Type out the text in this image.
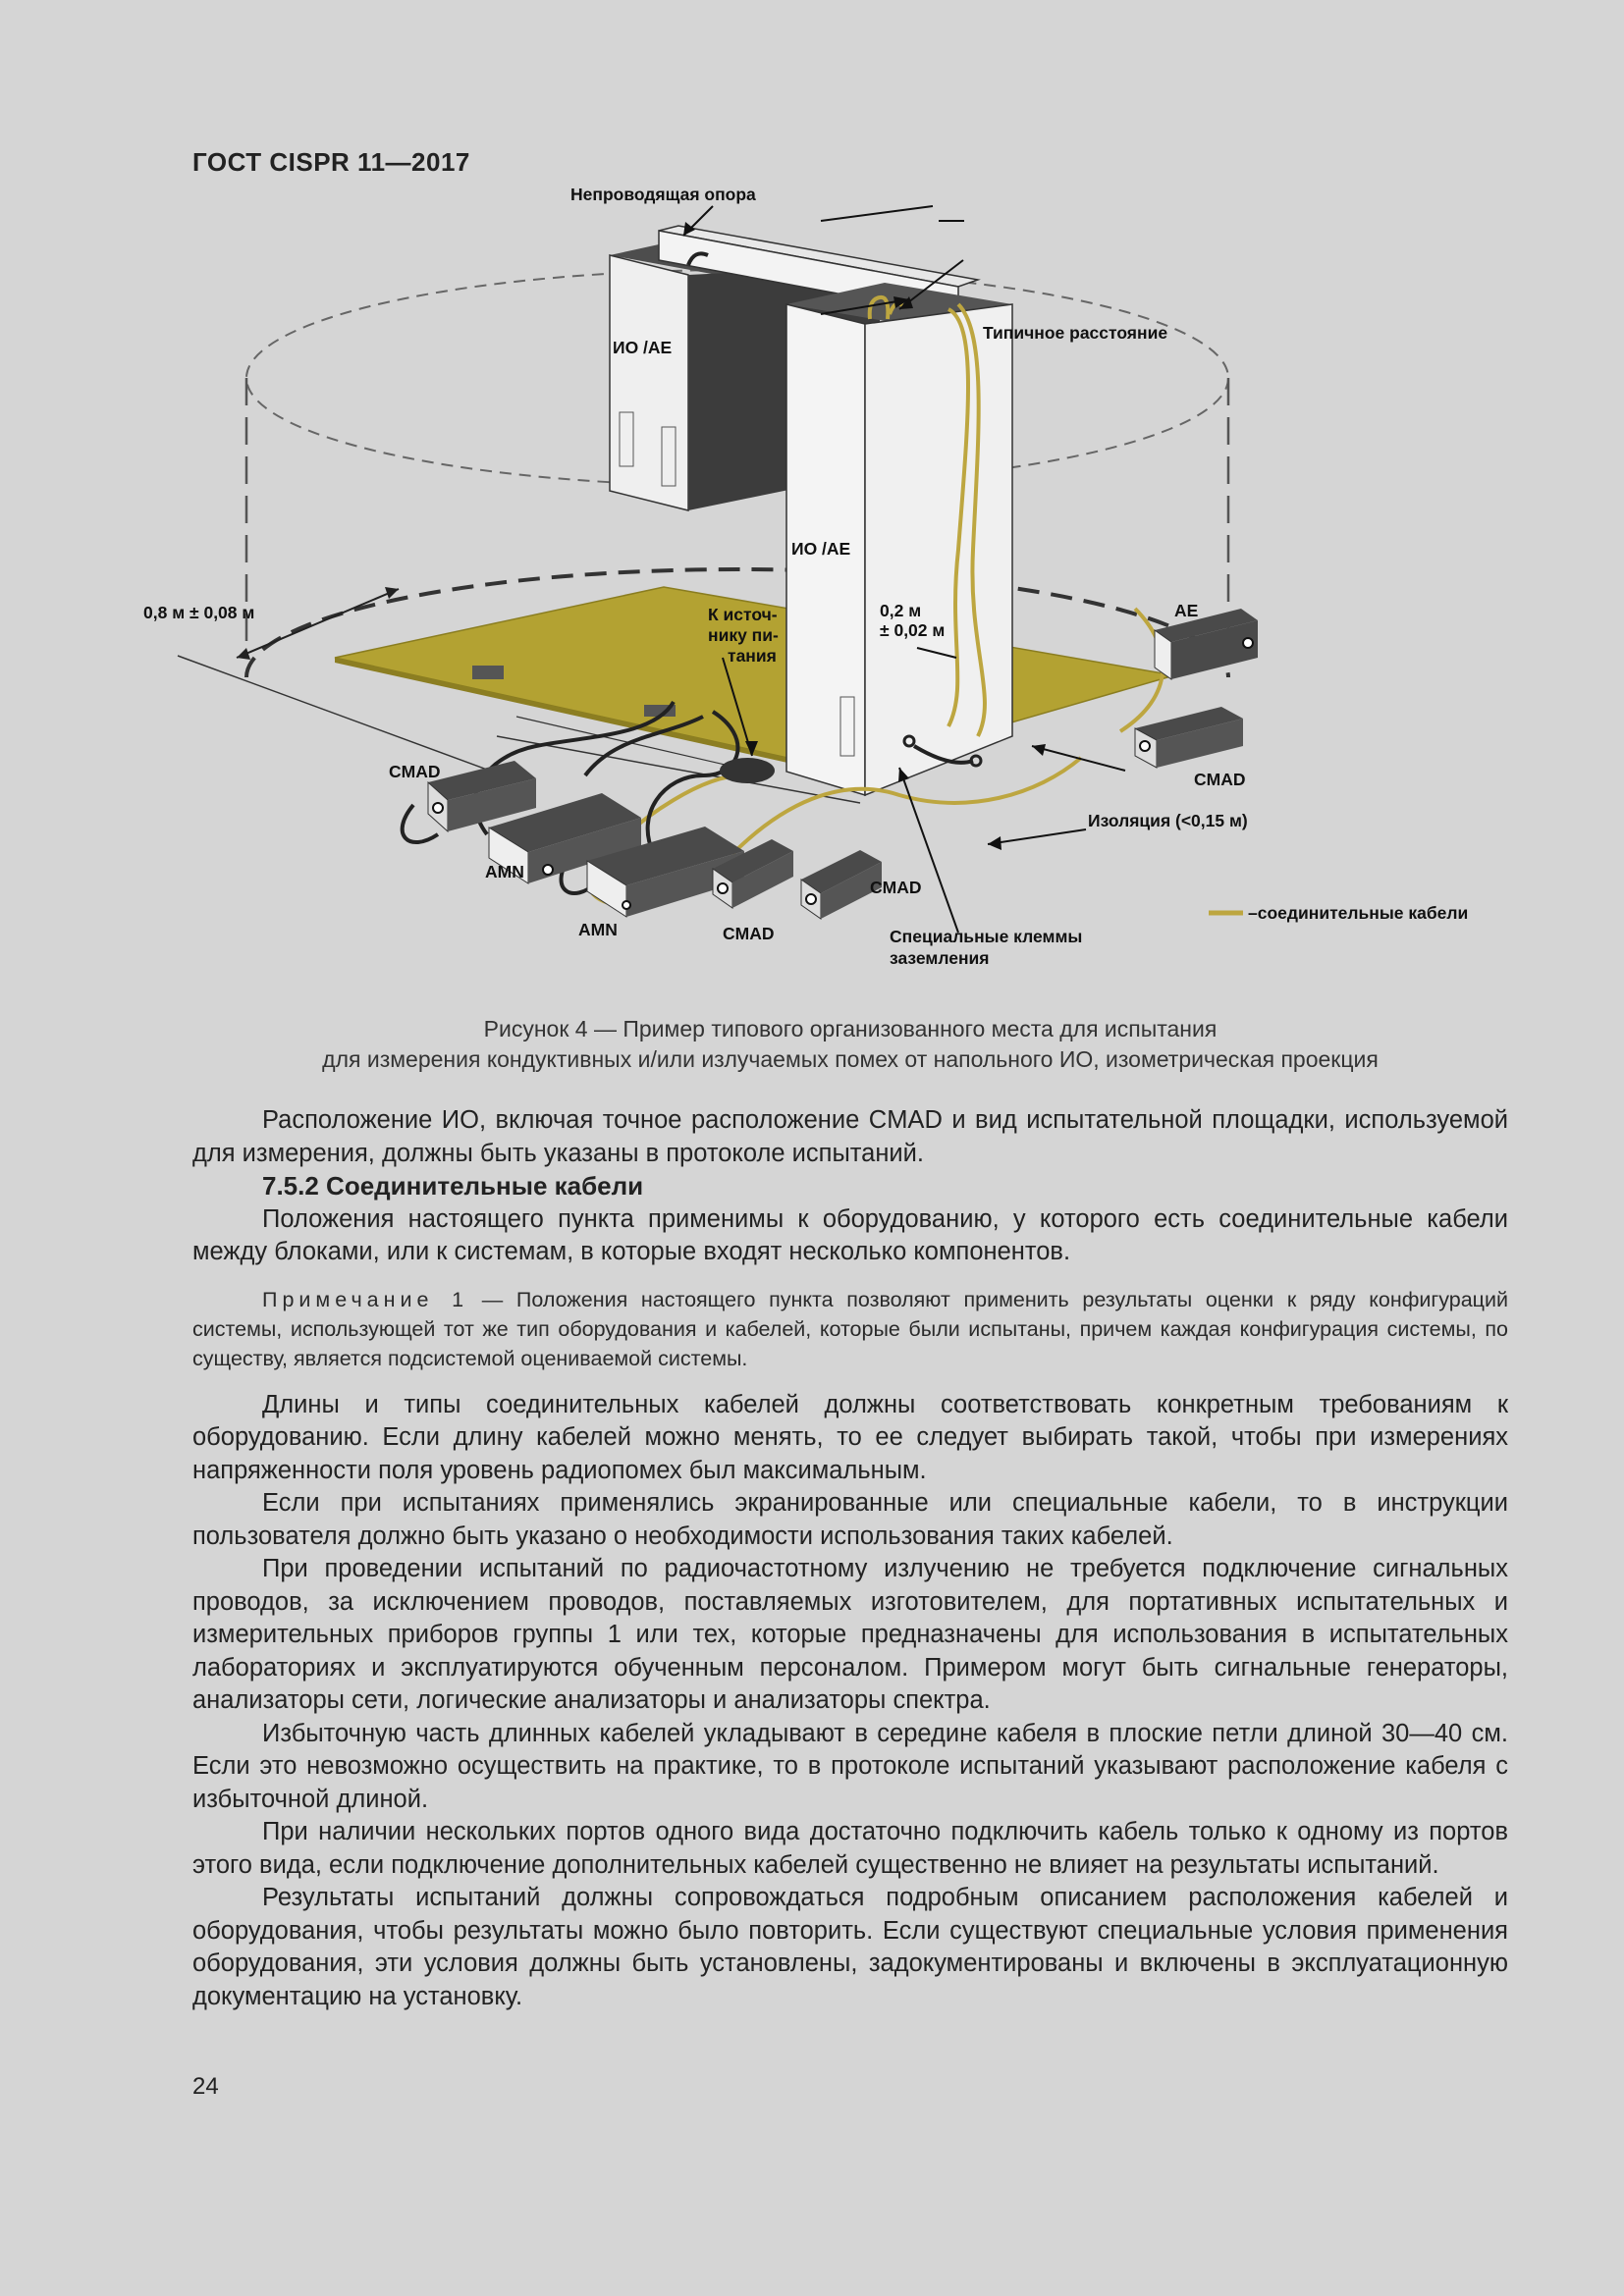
ГОСТ CISPR 11—2017
Непроводящая опора
Типичное расстояние
ИО /AE
ИО /AE
0,8 м ± 0,08 м	К источ-
нику пи-
тания
0,2 м
± 0,02 м
AE
CMAD	CMAD
CMAD
CMAD
AMN
AMN
Изоляция (<0,15 м)
Специальные клеммы
заземления
–соединительные кабели
Рисунок 4 — Пример типового организованного места для испытания
для измерения кондуктивных и/или излучаемых помех от напольного ИО, изометрическая проекция

Расположение ИО, включая точное расположение CMAD и вид испытательной площадки, используемой для измерения, должны быть указаны в протоколе испытаний.

7.5.2 Соединительные кабели

Положения настоящего пункта применимы к оборудованию, у которого есть соединительные кабели между блоками, или к системам, в которые входят несколько компонентов.

Примечание 1 — Положения настоящего пункта позволяют применить результаты оценки к ряду конфигураций системы, использующей тот же тип оборудования и кабелей, которые были испытаны, причем каждая конфигурация системы, по существу, является подсистемой оцениваемой системы.

Длины и типы соединительных кабелей должны соответствовать конкретным требованиям к оборудованию. Если длину кабелей можно менять, то ее следует выбирать такой, чтобы при измерениях напряженности поля уровень радиопомех был максимальным.

Если при испытаниях применялись экранированные или специальные кабели, то в инструкции пользователя должно быть указано о необходимости использования таких кабелей.

При проведении испытаний по радиочастотному излучению не требуется подключение сигнальных проводов, за исключением проводов, поставляемых изготовителем, для портативных испытательных и измерительных приборов группы 1 или тех, которые предназначены для использования в испытательных лабораториях и эксплуатируются обученным персоналом. Примером могут быть сигнальные генераторы, анализаторы сети, логические анализаторы и анализаторы спектра.

Избыточную часть длинных кабелей укладывают в середине кабеля в плоские петли длиной 30—40 см. Если это невозможно осуществить на практике, то в протоколе испытаний указывают расположение кабеля с избыточной длиной.

При наличии нескольких портов одного вида достаточно подключить кабель только к одному из портов этого вида, если подключение дополнительных кабелей существенно не влияет на результаты испытаний.

Результаты испытаний должны сопровождаться подробным описанием расположения кабелей и оборудования, чтобы результаты можно было повторить. Если существуют специальные условия применения оборудования, эти условия должны быть установлены, задокументированы и включены в эксплуатационную документацию на установку.

24
